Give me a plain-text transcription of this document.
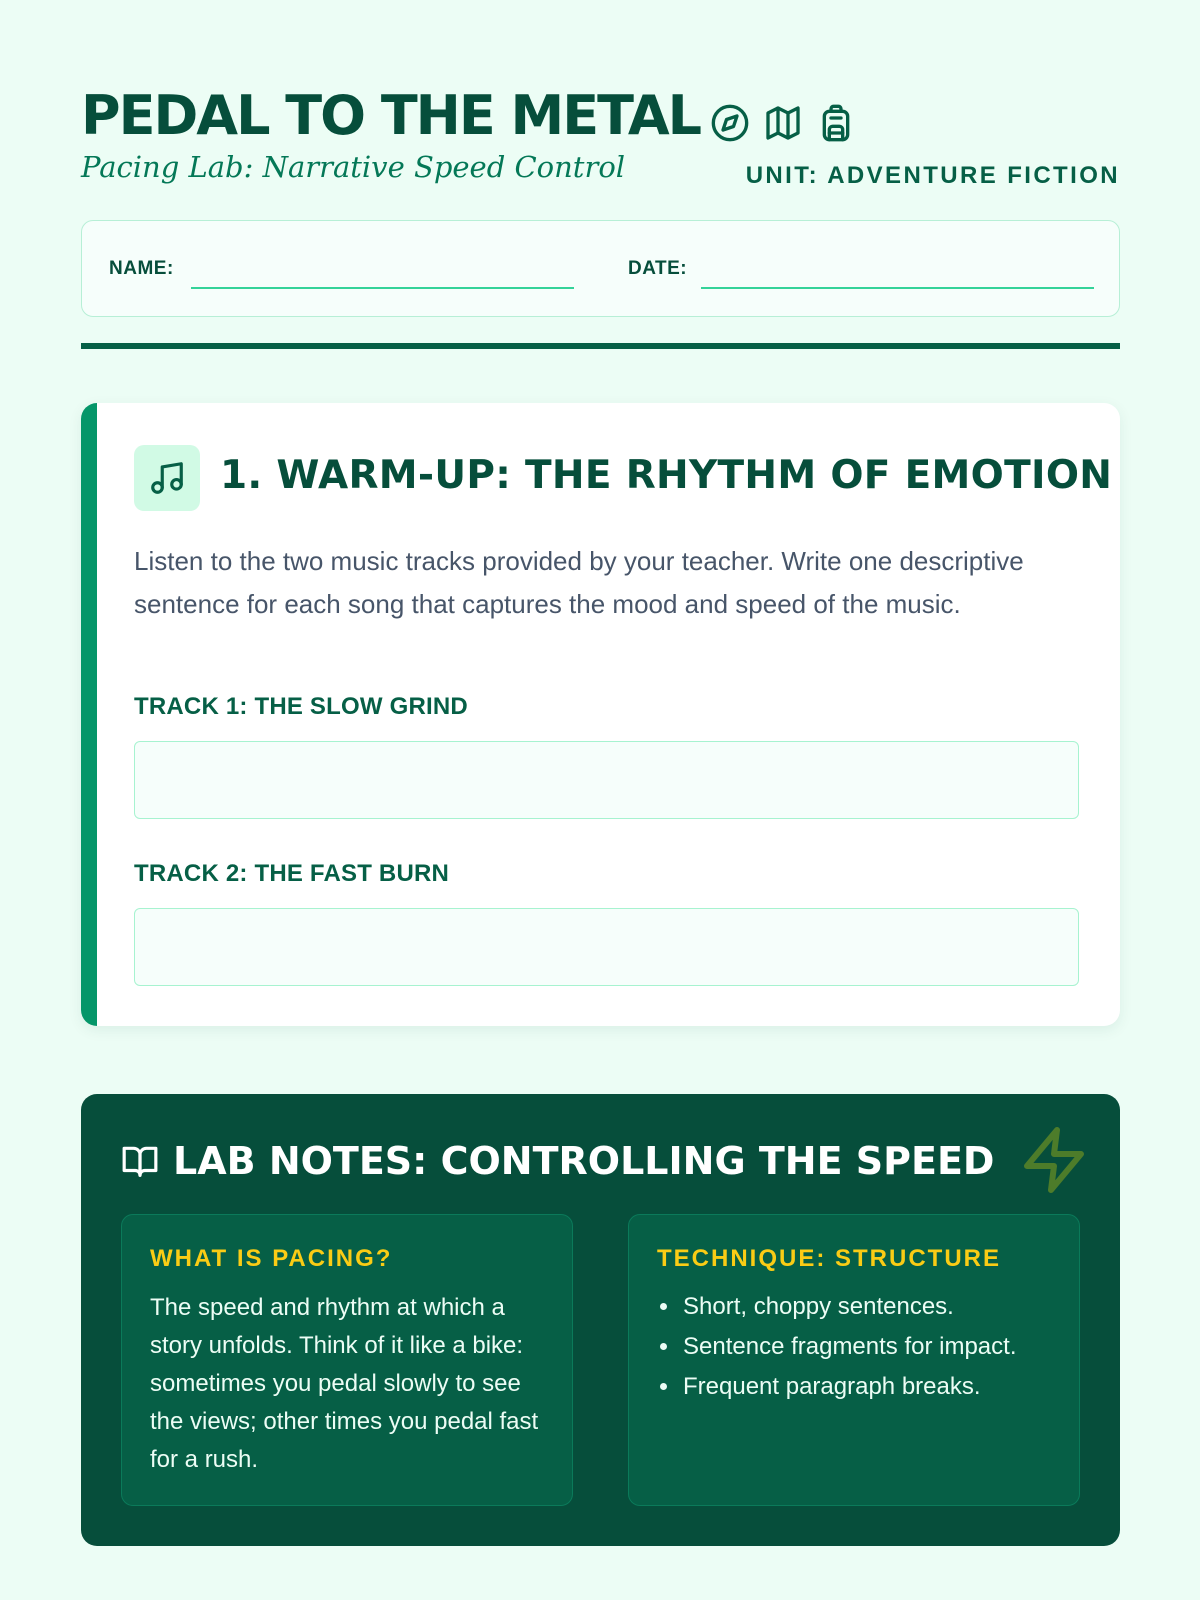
PEDAL TO THE METAL
Pacing Lab: Narrative Speed Control	UNIT: ADVENTURE FICTION
NAME:	DATE:
1. WARM-UP: THE RHYTHM OF EMOTION
Listen to the two music tracks provided by your teacher. Write one descriptive sentence for each song that captures the mood and speed of the music.
TRACK 1: THE SLOW GRIND
TRACK 2: THE FAST BURN
LAB NOTES: CONTROLLING THE SPEED
WHAT IS PACING?
The speed and rhythm at which a story unfolds. Think of it like a bike: sometimes you pedal slowly to see the views; other times you pedal fast for a rush.
TECHNIQUE: STRUCTURE
• Short, choppy sentences.
• Sentence fragments for impact.
• Frequent paragraph breaks.
